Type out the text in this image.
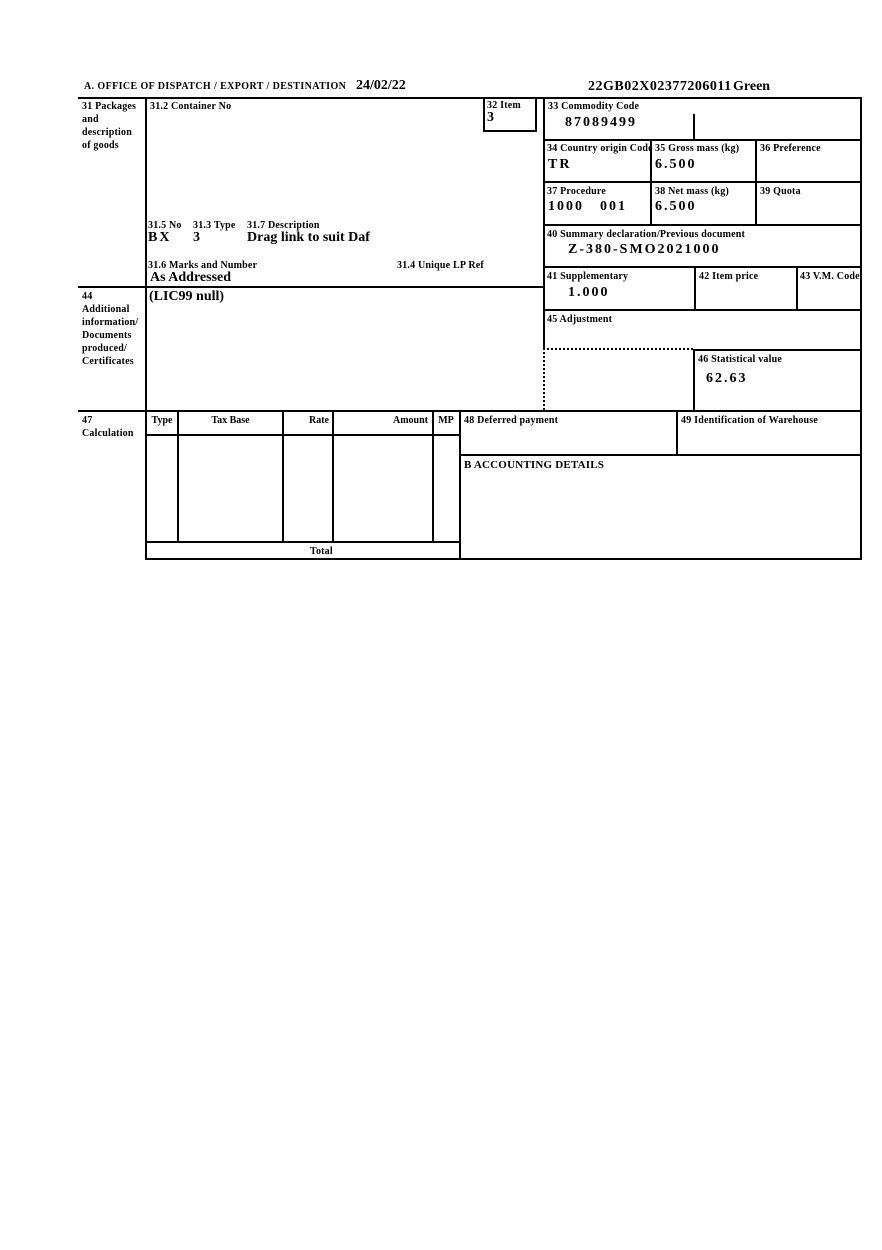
A. OFFICE OF DISPATCH / EXPORT / DESTINATION 24/02/22	22GB02X02377206011 Green
31 Packages
and
description
of goods
44
Additional
information/
Documents
produced/
Certificates
47
Calculation
31.2 Container No	32 Item
3
31.5 No 31.3 Type 31.7 Description
BX 3	Drag link to suit Daf
31.6 Marks and Number	31.4 Unique LP Ref
As Addressed
(LIC99 null)
33 Commodity Code
87089499
34 Country origin Code
TR
35 Gross mass (kg)
6.500
36 Preference
37 Procedure
1000 001
38 Net mass (kg)
6.500
39 Quota
40 Summary declaration/Previous document
Z-380-SMO2021000
41 Supplementary
1.000
42 Item price	43 V.M. Code
45 Adjustment
46 Statistical value
62.63
Type	Tax Base	Rate	Amount	MP
Total
48 Deferred payment	49 Identification of Warehouse
B ACCOUNTING DETAILS
